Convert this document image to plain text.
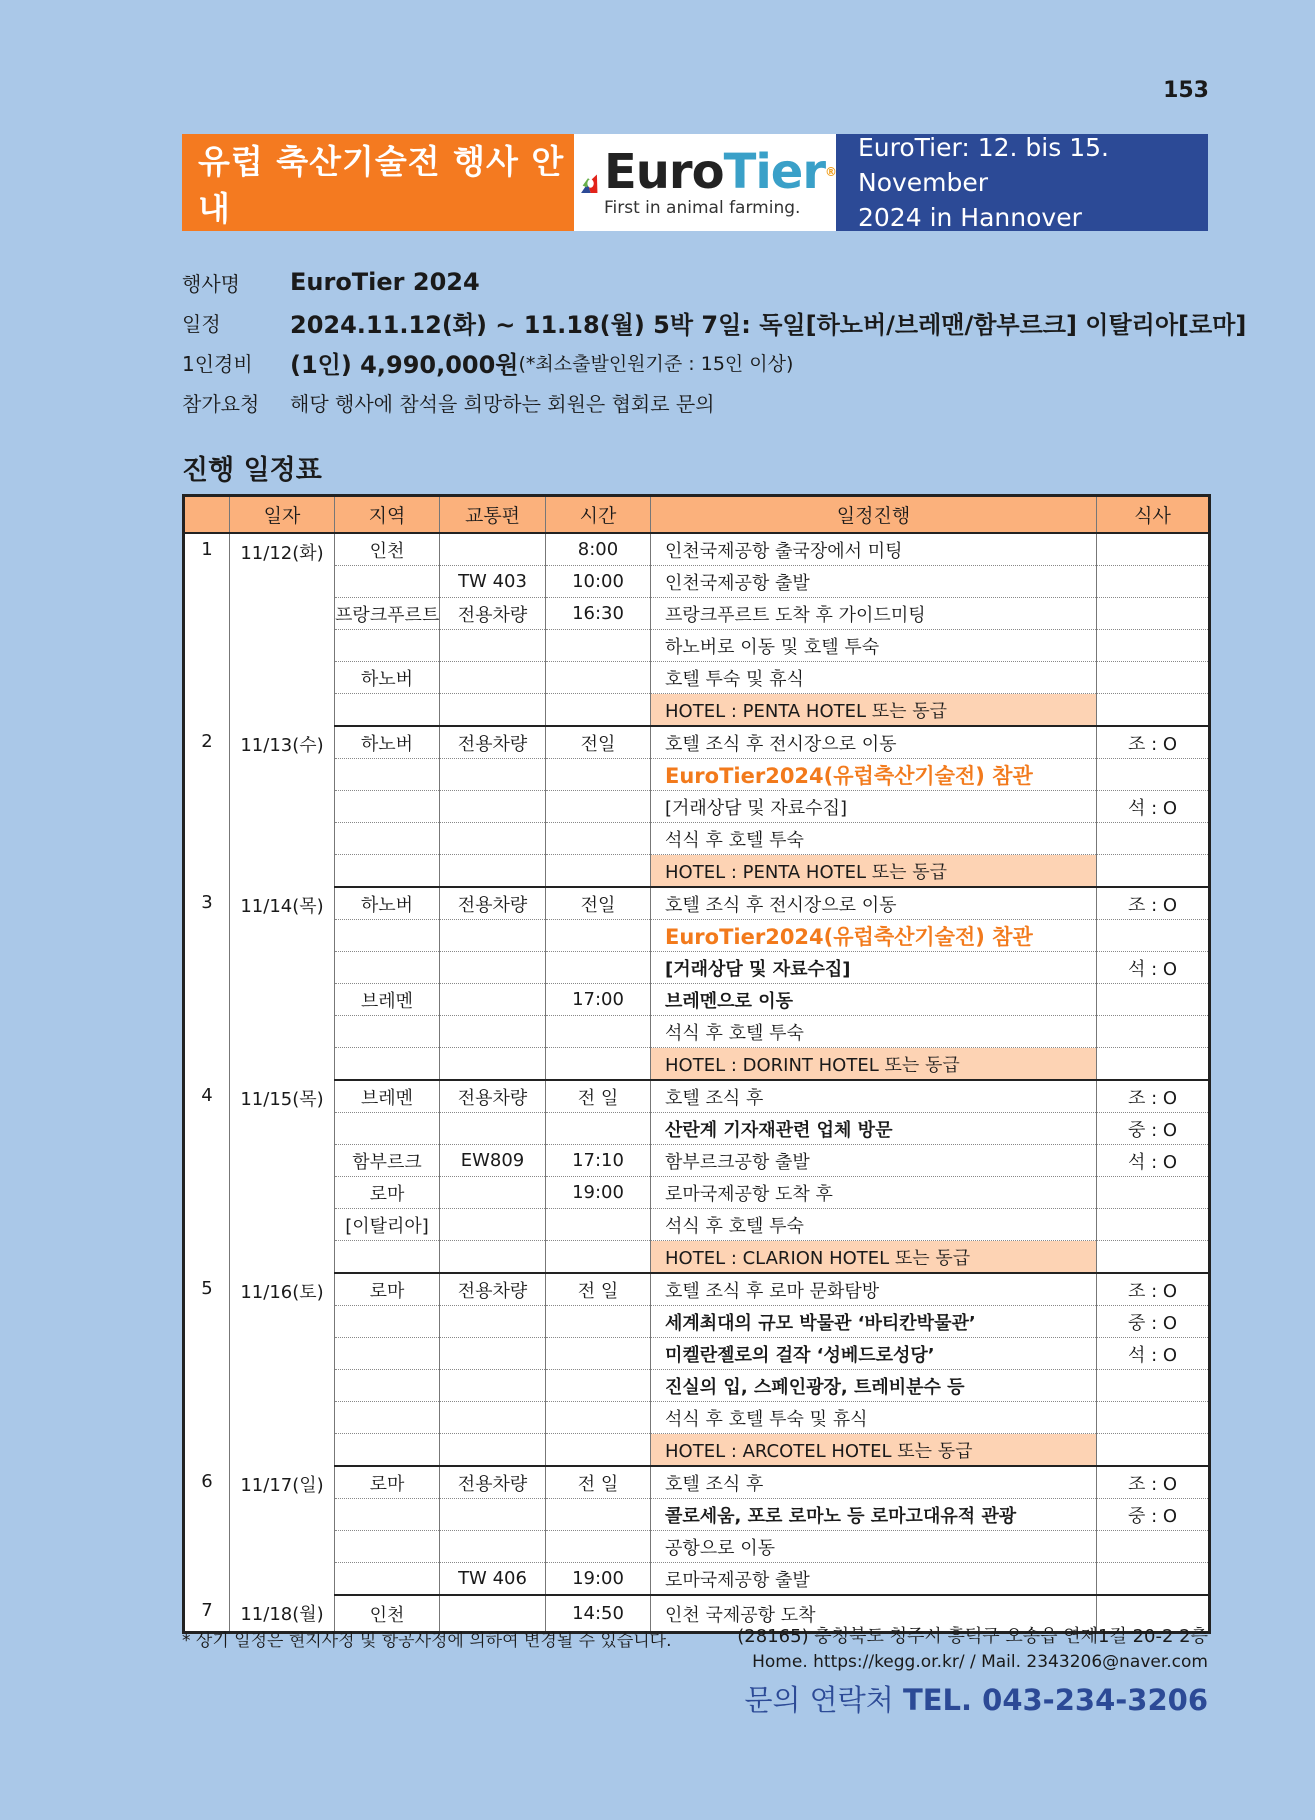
153
유럽 축산기술전 행사 안내
EuroTier®
First in animal farming.
EuroTier: 12. bis 15. November
2024 in Hannover
행사명	EuroTier 2024
일정	2024.11.12(화) ~ 11.18(월) 5박 7일: 독일[하노버/브레맨/함부르크] 이탈리아[로마]
1인경비	(1인) 4,990,000원 (*최소출발인원기준 : 15인 이상)
참가요청	해당 행사에 참석을 희망하는 회원은 협회로 문의
진행 일정표
	일자	지역	교통편	시간	일정진행	식사
1	11/12(화)	인천		8:00	인천국제공항 출국장에서 미팅	
			TW 403	10:00	인천국제공항 출발	
		프랑크푸르트	전용차량	16:30	프랑크푸르트 도착 후 가이드미팅	
					하노버로 이동 및 호텔 투숙	
		하노버			호텔 투숙 및 휴식	
					HOTEL : PENTA HOTEL 또는 동급	
2	11/13(수)	하노버	전용차량	전일	호텔 조식 후 전시장으로 이동	조 : O
					EuroTier2024(유럽축산기술전) 참관	
					[거래상담 및 자료수집]	석 : O
					석식 후 호텔 투숙	
					HOTEL : PENTA HOTEL 또는 동급	
3	11/14(목)	하노버	전용차량	전일	호텔 조식 후 전시장으로 이동	조 : O
					EuroTier2024(유럽축산기술전) 참관	
					[거래상담 및 자료수집]	석 : O
		브레멘		17:00	브레멘으로 이동	
					석식 후 호텔 투숙	
					HOTEL : DORINT HOTEL 또는 동급	
4	11/15(목)	브레멘	전용차량	전 일	호텔 조식 후	조 : O
					산란계 기자재관련 업체 방문	중 : O
		함부르크	EW809	17:10	함부르크공항 출발	석 : O
		로마		19:00	로마국제공항 도착 후	
		[이탈리아]			석식 후 호텔 투숙	
					HOTEL : CLARION HOTEL 또는 동급	
5	11/16(토)	로마	전용차량	전 일	호텔 조식 후 로마 문화탐방	조 : O
					세계최대의 규모 박물관 ‘바티칸박물관’	중 : O
					미켈란젤로의 걸작 ‘성베드로성당’	석 : O
					진실의 입, 스페인광장, 트레비분수 등	
					석식 후 호텔 투숙 및 휴식	
					HOTEL : ARCOTEL HOTEL 또는 동급	
6	11/17(일)	로마	전용차량	전 일	호텔 조식 후	조 : O
					콜로세움, 포로 로마노 등 로마고대유적 관광	중 : O
					공항으로 이동	
			TW 406	19:00	로마국제공항 출발	
7	11/18(월)	인천		14:50	인천 국제공항 도착	
* 상기 일정은 현지사정 및 항공사정에 의하여 변경될 수 있습니다.	(28165) 충청북도 청주시 흥덕구 오송읍 연제1길 20-2 2층
Home. https://kegg.or.kr/ / Mail. 2343206@naver.com
문의 연락처 TEL. 043-234-3206
